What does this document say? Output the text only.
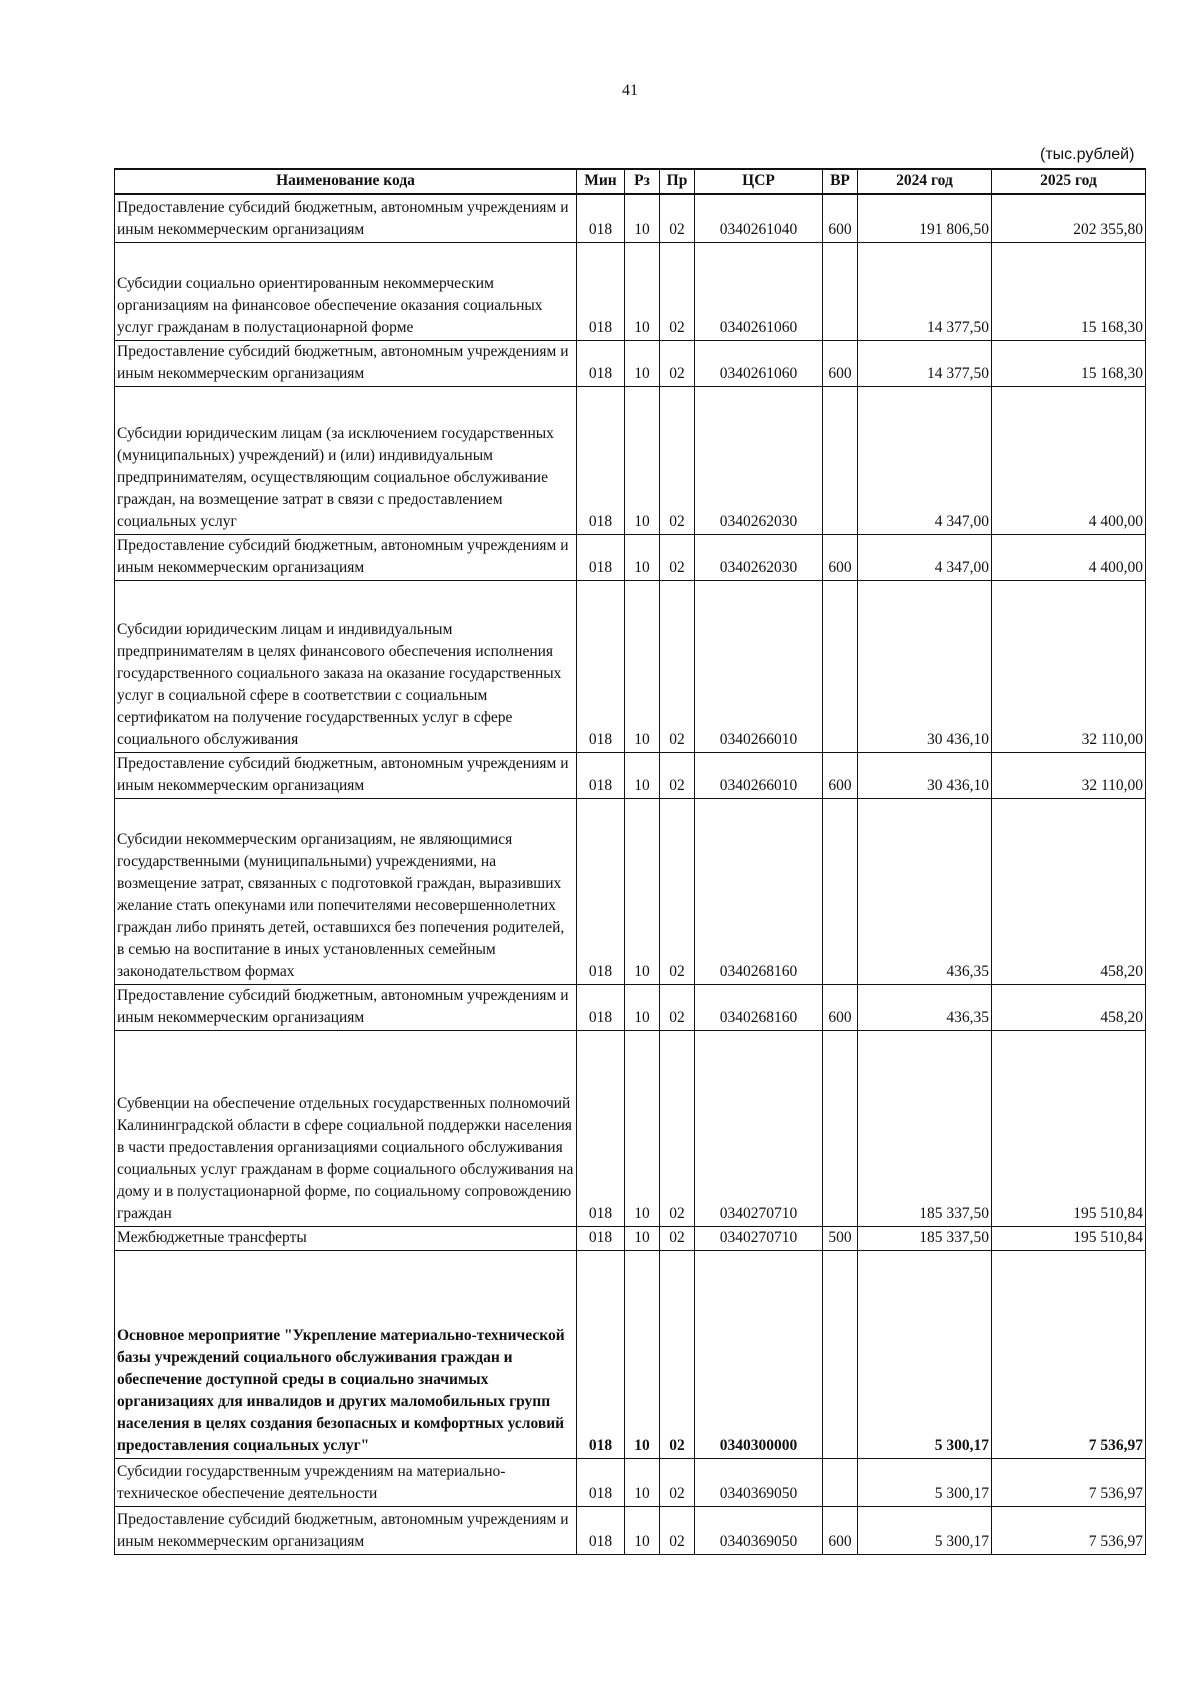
41
(тыс.рублей)
Наименование кода	Мин	Рз	Пр	ЦСР	ВР	2024 год	2025 год
Предоставление субсидий бюджетным, автономным учреждениям и иным некоммерческим организациям	018	10	02	0340261040	600	191 806,50	202 355,80
Субсидии социально ориентированным некоммерческим организациям на финансовое обеспечение оказания социальных услуг гражданам в полустационарной форме	018	10	02	0340261060		14 377,50	15 168,30
Предоставление субсидий бюджетным, автономным учреждениям и иным некоммерческим организациям	018	10	02	0340261060	600	14 377,50	15 168,30
Субсидии юридическим лицам (за исключением государственных (муниципальных) учреждений) и (или) индивидуальным предпринимателям, осуществляющим социальное обслуживание граждан, на возмещение затрат в связи с предоставлением социальных услуг	018	10	02	0340262030		4 347,00	4 400,00
Предоставление субсидий бюджетным, автономным учреждениям и иным некоммерческим организациям	018	10	02	0340262030	600	4 347,00	4 400,00
Субсидии юридическим лицам и индивидуальным предпринимателям в целях финансового обеспечения исполнения государственного социального заказа на оказание государственных услуг в социальной сфере в соответствии с социальным сертификатом на получение государственных услуг в сфере социального обслуживания	018	10	02	0340266010		30 436,10	32 110,00
Предоставление субсидий бюджетным, автономным учреждениям и иным некоммерческим организациям	018	10	02	0340266010	600	30 436,10	32 110,00
Субсидии некоммерческим организациям, не являющимися государственными (муниципальными) учреждениями, на возмещение затрат, связанных с подготовкой граждан, выразивших желание стать опекунами или попечителями несовершеннолетних граждан либо принять детей, оставшихся без попечения родителей, в семью на воспитание в иных установленных семейным законодательством формах	018	10	02	0340268160		436,35	458,20
Предоставление субсидий бюджетным, автономным учреждениям и иным некоммерческим организациям	018	10	02	0340268160	600	436,35	458,20
Субвенции на обеспечение отдельных государственных полномочий Калининградской области в сфере социальной поддержки населения в части предоставления организациями социального обслуживания социальных услуг гражданам в форме социального обслуживания на дому и в полустационарной форме, по социальному сопровождению граждан	018	10	02	0340270710		185 337,50	195 510,84
Межбюджетные трансферты	018	10	02	0340270710	500	185 337,50	195 510,84
Основное мероприятие "Укрепление материально-технической базы учреждений социального обслуживания граждан и обеспечение доступной среды в социально значимых организациях для инвалидов и других маломобильных групп населения в целях создания безопасных и комфортных условий предоставления социальных услуг"	018	10	02	0340300000		5 300,17	7 536,97
Субсидии государственным учреждениям на материально-техническое обеспечение деятельности	018	10	02	0340369050		5 300,17	7 536,97
Предоставление субсидий бюджетным, автономным учреждениям и иным некоммерческим организациям	018	10	02	0340369050	600	5 300,17	7 536,97
